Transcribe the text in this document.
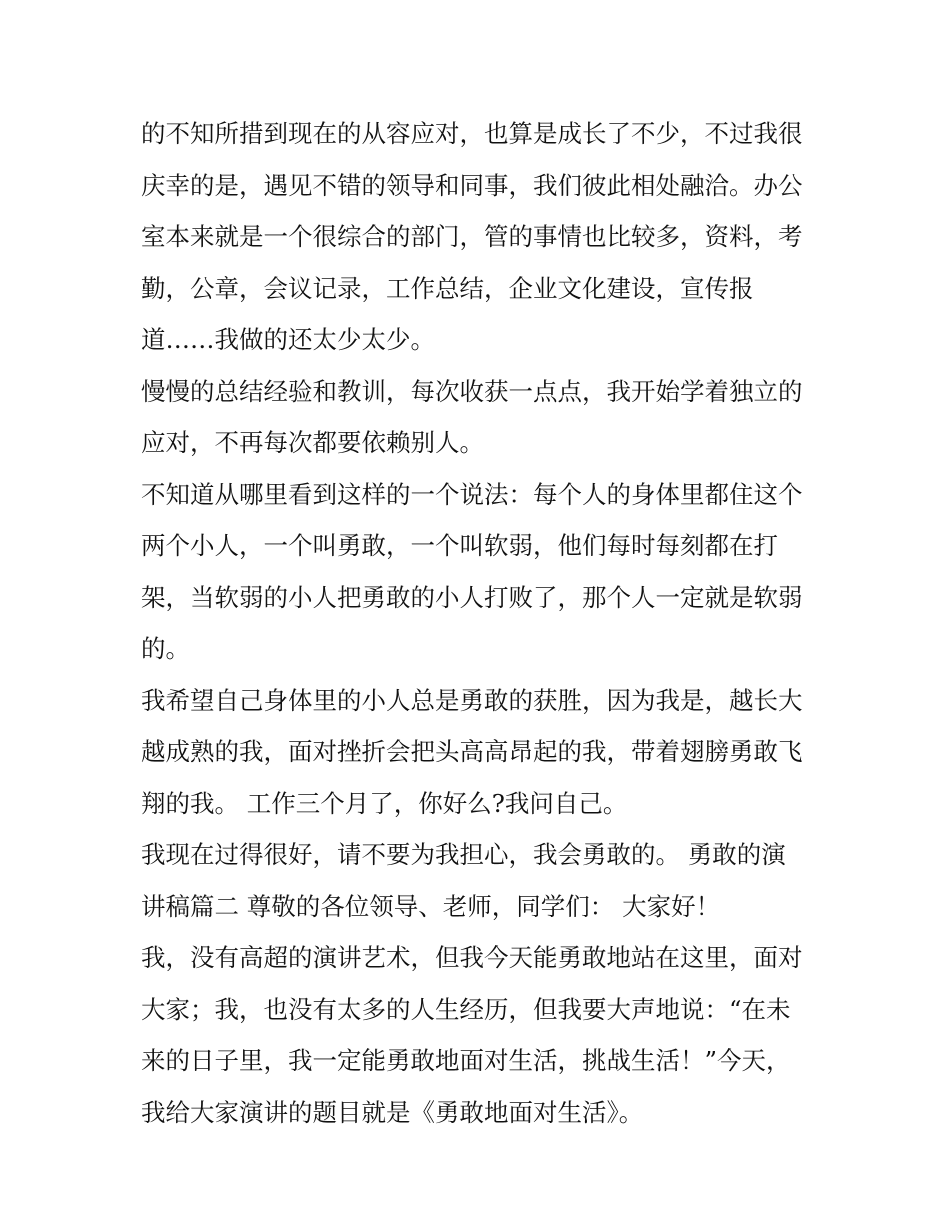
的不知所措到现在的从容应对，也算是成长了不少，不过我很
庆幸的是，遇见不错的领导和同事，我们彼此相处融洽。办公
室本来就是一个很综合的部门，管的事情也比较多，资料，考
勤，公章，会议记录，工作总结，企业文化建设，宣传报
道……我做的还太少太少。
慢慢的总结经验和教训，每次收获一点点，我开始学着独立的
应对，不再每次都要依赖别人。
不知道从哪里看到这样的一个说法：每个人的身体里都住这个
两个小人，一个叫勇敢，一个叫软弱，他们每时每刻都在打
架，当软弱的小人把勇敢的小人打败了，那个人一定就是软弱
的。
我希望自己身体里的小人总是勇敢的获胜，因为我是，越长大
越成熟的我，面对挫折会把头高高昂起的我，带着翅膀勇敢飞
翔的我。 工作三个月了，你好么?我问自己。
我现在过得很好，请不要为我担心，我会勇敢的。 勇敢的演
讲稿篇二 尊敬的各位领导、老师，同学们： 大家好！
我，没有高超的演讲艺术，但我今天能勇敢地站在这里，面对
大家；我，也没有太多的人生经历，但我要大声地说：“在未
来的日子里，我一定能勇敢地面对生活，挑战生活！”今天，
我给大家演讲的题目就是《勇敢地面对生活》。
